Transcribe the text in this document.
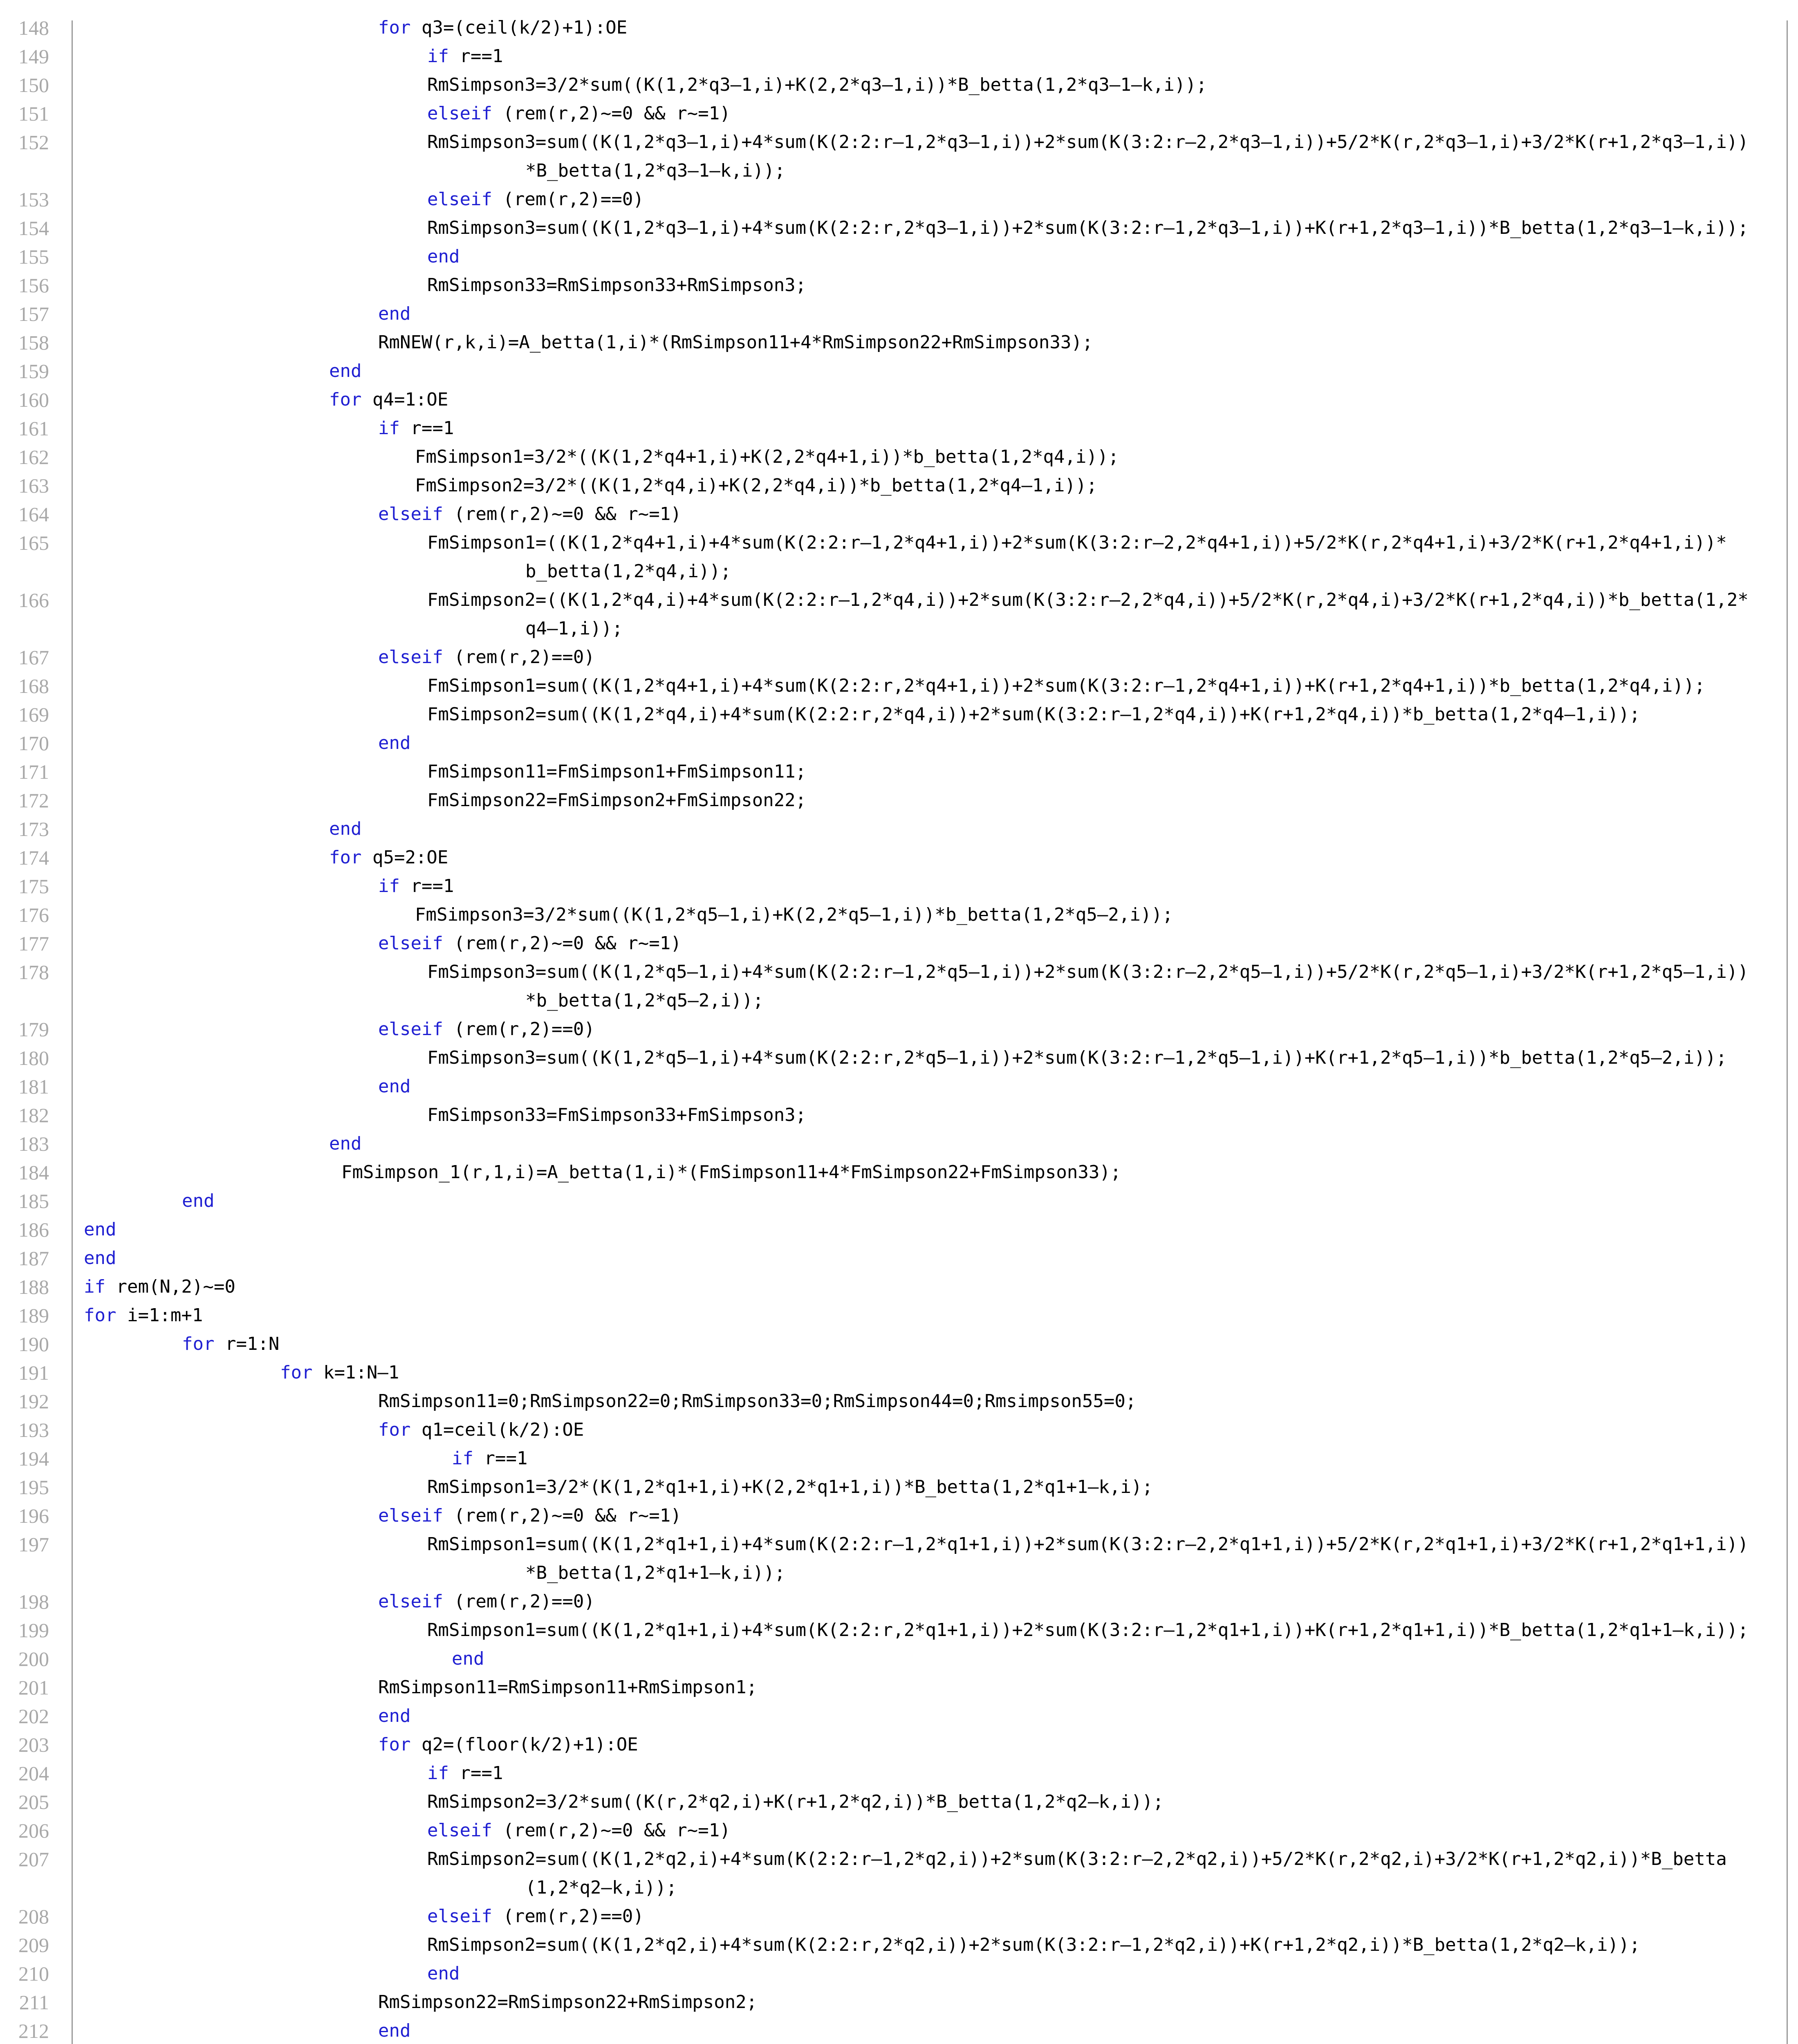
148	for q3=(ceil(k/2)+1):OE
149	if r==1
150	RmSimpson3=3/2*sum((K(1,2*q3—1,i)+K(2,2*q3—1,i))*B_betta(1,2*q3—1—k,i));
151	elseif (rem(r,2)~=0 && r~=1)
152	RmSimpson3=sum((K(1,2*q3—1,i)+4*sum(K(2:2:r—1,2*q3—1,i))+2*sum(K(3:2:r—2,2*q3—1,i))+5/2*K(r,2*q3—1,i)+3/2*K(r+1,2*q3—1,i))
*B_betta(1,2*q3—1—k,i));
153	elseif (rem(r,2)==0)
154	RmSimpson3=sum((K(1,2*q3—1,i)+4*sum(K(2:2:r,2*q3—1,i))+2*sum(K(3:2:r—1,2*q3—1,i))+K(r+1,2*q3—1,i))*B_betta(1,2*q3—1—k,i));
155	end
156	RmSimpson33=RmSimpson33+RmSimpson3;
157	end
158	RmNEW(r,k,i)=A_betta(1,i)*(RmSimpson11+4*RmSimpson22+RmSimpson33);
159	end
160	for q4=1:OE
161	if r==1
162	FmSimpson1=3/2*((K(1,2*q4+1,i)+K(2,2*q4+1,i))*b_betta(1,2*q4,i));
163	FmSimpson2=3/2*((K(1,2*q4,i)+K(2,2*q4,i))*b_betta(1,2*q4—1,i));
164	elseif (rem(r,2)~=0 && r~=1)
165	FmSimpson1=((K(1,2*q4+1,i)+4*sum(K(2:2:r—1,2*q4+1,i))+2*sum(K(3:2:r—2,2*q4+1,i))+5/2*K(r,2*q4+1,i)+3/2*K(r+1,2*q4+1,i))*
b_betta(1,2*q4,i));
166	FmSimpson2=((K(1,2*q4,i)+4*sum(K(2:2:r—1,2*q4,i))+2*sum(K(3:2:r—2,2*q4,i))+5/2*K(r,2*q4,i)+3/2*K(r+1,2*q4,i))*b_betta(1,2*
q4—1,i));
167	elseif (rem(r,2)==0)
168	FmSimpson1=sum((K(1,2*q4+1,i)+4*sum(K(2:2:r,2*q4+1,i))+2*sum(K(3:2:r—1,2*q4+1,i))+K(r+1,2*q4+1,i))*b_betta(1,2*q4,i));
169	FmSimpson2=sum((K(1,2*q4,i)+4*sum(K(2:2:r,2*q4,i))+2*sum(K(3:2:r—1,2*q4,i))+K(r+1,2*q4,i))*b_betta(1,2*q4—1,i));
170	end
171	FmSimpson11=FmSimpson1+FmSimpson11;
172	FmSimpson22=FmSimpson2+FmSimpson22;
173	end
174	for q5=2:OE
175	if r==1
176	FmSimpson3=3/2*sum((K(1,2*q5—1,i)+K(2,2*q5—1,i))*b_betta(1,2*q5—2,i));
177	elseif (rem(r,2)~=0 && r~=1)
178	FmSimpson3=sum((K(1,2*q5—1,i)+4*sum(K(2:2:r—1,2*q5—1,i))+2*sum(K(3:2:r—2,2*q5—1,i))+5/2*K(r,2*q5—1,i)+3/2*K(r+1,2*q5—1,i))
*b_betta(1,2*q5—2,i));
179	elseif (rem(r,2)==0)
180	FmSimpson3=sum((K(1,2*q5—1,i)+4*sum(K(2:2:r,2*q5—1,i))+2*sum(K(3:2:r—1,2*q5—1,i))+K(r+1,2*q5—1,i))*b_betta(1,2*q5—2,i));
181	end
182	FmSimpson33=FmSimpson33+FmSimpson3;
183	end
184	FmSimpson_1(r,1,i)=A_betta(1,i)*(FmSimpson11+4*FmSimpson22+FmSimpson33);
185	end
186 end
187 end
188 if rem(N,2)~=0
189 for i=1:m+1
190	for r=1:N
191	for k=1:N—1
192	RmSimpson11=0;RmSimpson22=0;RmSimpson33=0;RmSimpson44=0;Rmsimpson55=0;
193	for q1=ceil(k/2):OE
194	if r==1
195	RmSimpson1=3/2*(K(1,2*q1+1,i)+K(2,2*q1+1,i))*B_betta(1,2*q1+1—k,i);
196	elseif (rem(r,2)~=0 && r~=1)
197	RmSimpson1=sum((K(1,2*q1+1,i)+4*sum(K(2:2:r—1,2*q1+1,i))+2*sum(K(3:2:r—2,2*q1+1,i))+5/2*K(r,2*q1+1,i)+3/2*K(r+1,2*q1+1,i))
*B_betta(1,2*q1+1—k,i));
198	elseif (rem(r,2)==0)
199	RmSimpson1=sum((K(1,2*q1+1,i)+4*sum(K(2:2:r,2*q1+1,i))+2*sum(K(3:2:r—1,2*q1+1,i))+K(r+1,2*q1+1,i))*B_betta(1,2*q1+1—k,i));
200	end
201	RmSimpson11=RmSimpson11+RmSimpson1;
202	end
203	for q2=(floor(k/2)+1):OE
204	if r==1
205	RmSimpson2=3/2*sum((K(r,2*q2,i)+K(r+1,2*q2,i))*B_betta(1,2*q2—k,i));
206	elseif (rem(r,2)~=0 && r~=1)
207	RmSimpson2=sum((K(1,2*q2,i)+4*sum(K(2:2:r—1,2*q2,i))+2*sum(K(3:2:r—2,2*q2,i))+5/2*K(r,2*q2,i)+3/2*K(r+1,2*q2,i))*B_betta
(1,2*q2—k,i));
208	elseif (rem(r,2)==0)
209	RmSimpson2=sum((K(1,2*q2,i)+4*sum(K(2:2:r,2*q2,i))+2*sum(K(3:2:r—1,2*q2,i))+K(r+1,2*q2,i))*B_betta(1,2*q2—k,i));
210	end
211	RmSimpson22=RmSimpson22+RmSimpson2;
212	end
